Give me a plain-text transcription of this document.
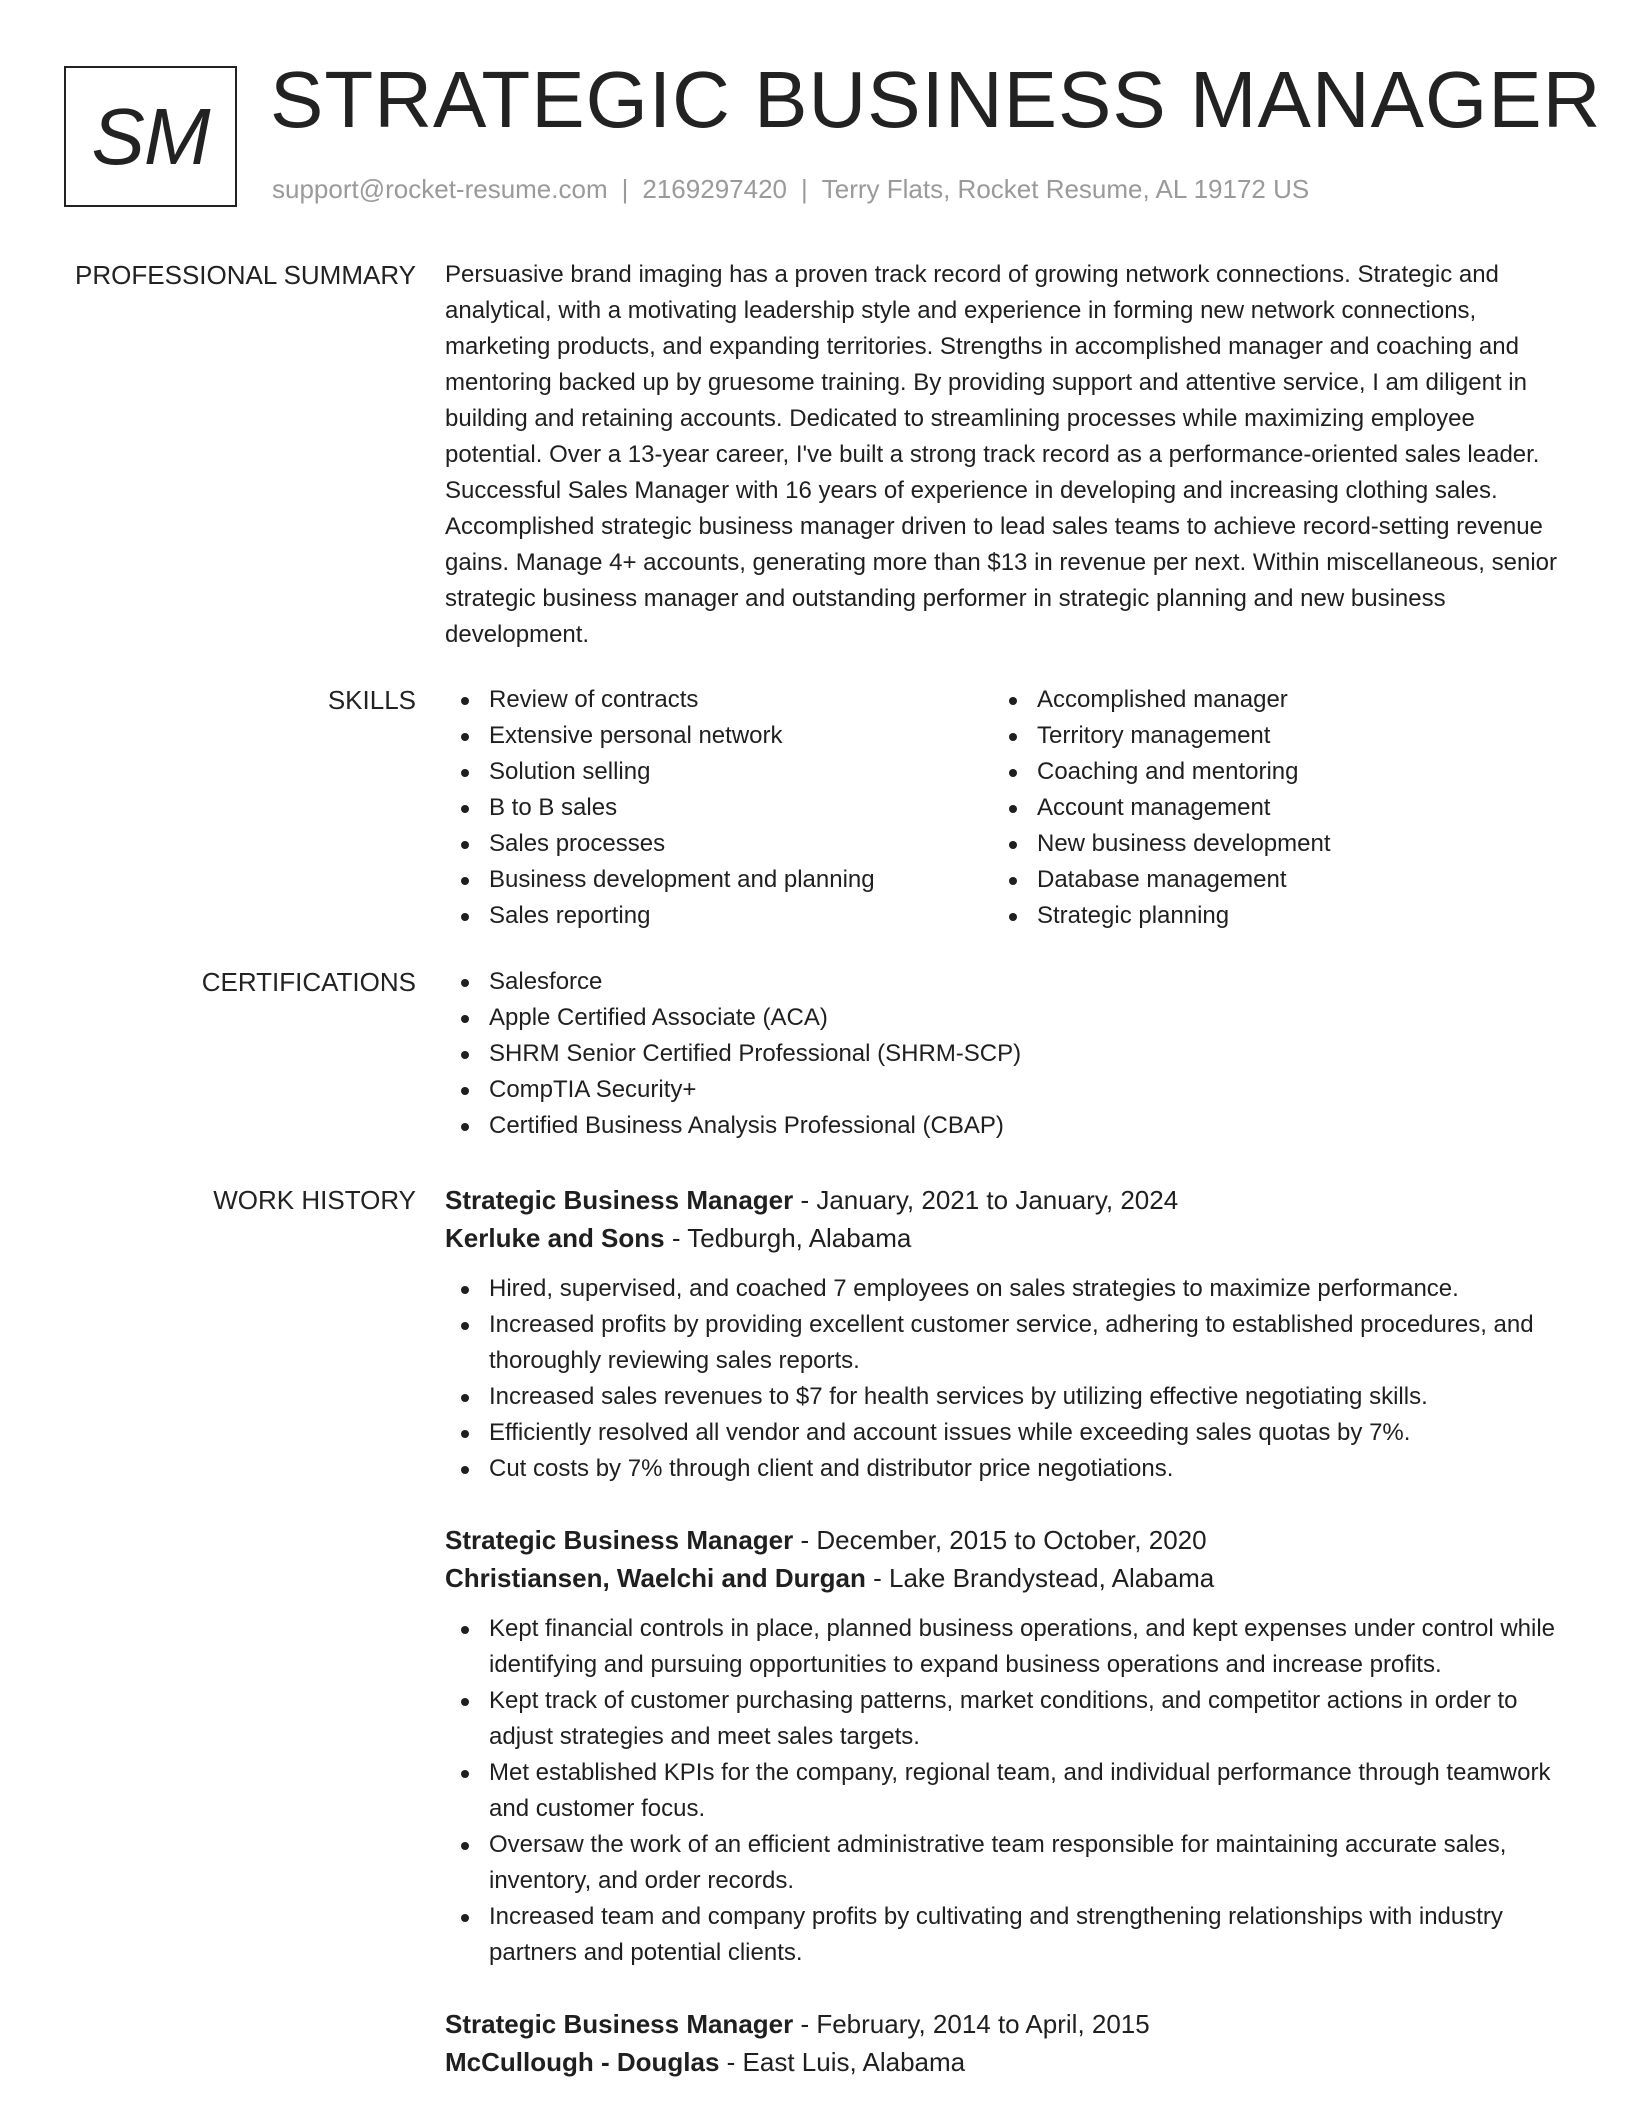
SM STRATEGIC BUSINESS MANAGER
support@rocket-resume.com | 2169297420 | Terry Flats, Rocket Resume, AL 19172 US
PROFESSIONAL SUMMARY Persuasive brand imaging has a proven track record of growing network connections. Strategic and analytical, with a motivating leadership style and experience in forming new network connections, marketing products, and expanding territories. Strengths in accomplished manager and coaching and mentoring backed up by gruesome training. By providing support and attentive service, I am diligent in building and retaining accounts. Dedicated to streamlining processes while maximizing employee potential. Over a 13-year career, I've built a strong track record as a performance-oriented sales leader. Successful Sales Manager with 16 years of experience in developing and increasing clothing sales. Accomplished strategic business manager driven to lead sales teams to achieve record-setting revenue gains. Manage 4+ accounts, generating more than $13 in revenue per next. Within miscellaneous, senior strategic business manager and outstanding performer in strategic planning and new business development.

SKILLS	Review of contracts
Extensive personal network
Solution selling
B to B sales
Sales processes
Business development and planning
Sales reporting
Accomplished manager
Territory management
Coaching and mentoring
Account management
New business development
Database management
Strategic planning
CERTIFICATIONS	Salesforce
Apple Certified Associate (ACA)
SHRM Senior Certified Professional (SHRM-SCP)
CompTIA Security+
Certified Business Analysis Professional (CBAP)
WORK HISTORY Strategic Business Manager - January, 2021 to January, 2024
Kerluke and Sons - Tedburgh, Alabama
Hired, supervised, and coached 7 employees on sales strategies to maximize performance.
Increased profits by providing excellent customer service, adhering to established procedures, and thoroughly reviewing sales reports.
Increased sales revenues to $7 for health services by utilizing effective negotiating skills.
Efficiently resolved all vendor and account issues while exceeding sales quotas by 7%.
Cut costs by 7% through client and distributor price negotiations.
Strategic Business Manager - December, 2015 to October, 2020
Christiansen, Waelchi and Durgan - Lake Brandystead, Alabama
Kept financial controls in place, planned business operations, and kept expenses under control while identifying and pursuing opportunities to expand business operations and increase profits.
Kept track of customer purchasing patterns, market conditions, and competitor actions in order to adjust strategies and meet sales targets.
Met established KPIs for the company, regional team, and individual performance through teamwork and customer focus.
Oversaw the work of an efficient administrative team responsible for maintaining accurate sales, inventory, and order records.
Increased team and company profits by cultivating and strengthening relationships with industry partners and potential clients.
Strategic Business Manager - February, 2014 to April, 2015
McCullough - Douglas - East Luis, Alabama
